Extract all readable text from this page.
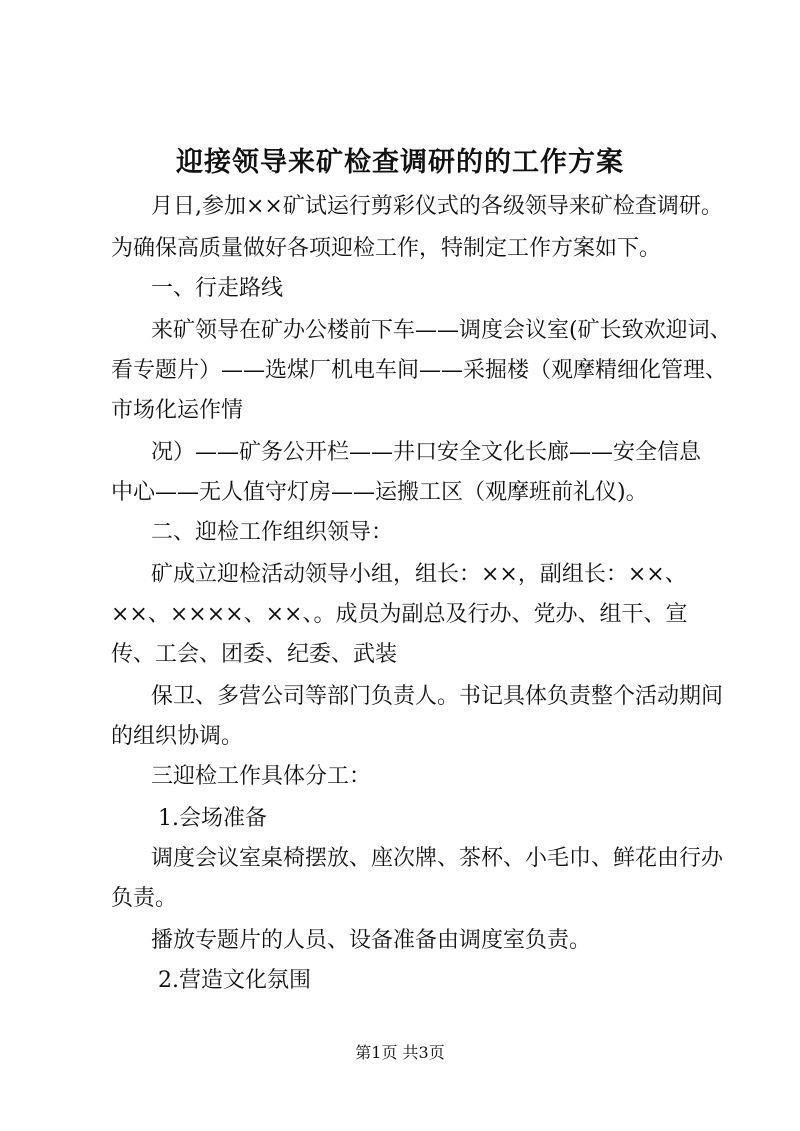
迎接领导来矿检查调研的的工作方案
月日,参加××矿试运行剪彩仪式的各级领导来矿检查调研。
为确保高质量做好各项迎检工作，特制定工作方案如下。
一、行走路线
来矿领导在矿办公楼前下车——调度会议室(矿长致欢迎词、
看专题片）——选煤厂机电车间——采掘楼（观摩精细化管理、
市场化运作情
况）——矿务公开栏——井口安全文化长廊——安全信息
中心——无人值守灯房——运搬工区（观摩班前礼仪)。
二、迎检工作组织领导：
矿成立迎检活动领导小组，组长：××，副组长：××、
××、××××、××、。成员为副总及行办、党办、组干、宣
传、工会、团委、纪委、武装
保卫、多营公司等部门负责人。书记具体负责整个活动期间
的组织协调。
三迎检工作具体分工：
1.会场准备
调度会议室桌椅摆放、座次牌、茶杯、小毛巾、鲜花由行办
负责。
播放专题片的人员、设备准备由调度室负责。
2.营造文化氛围
第1页 共3页
